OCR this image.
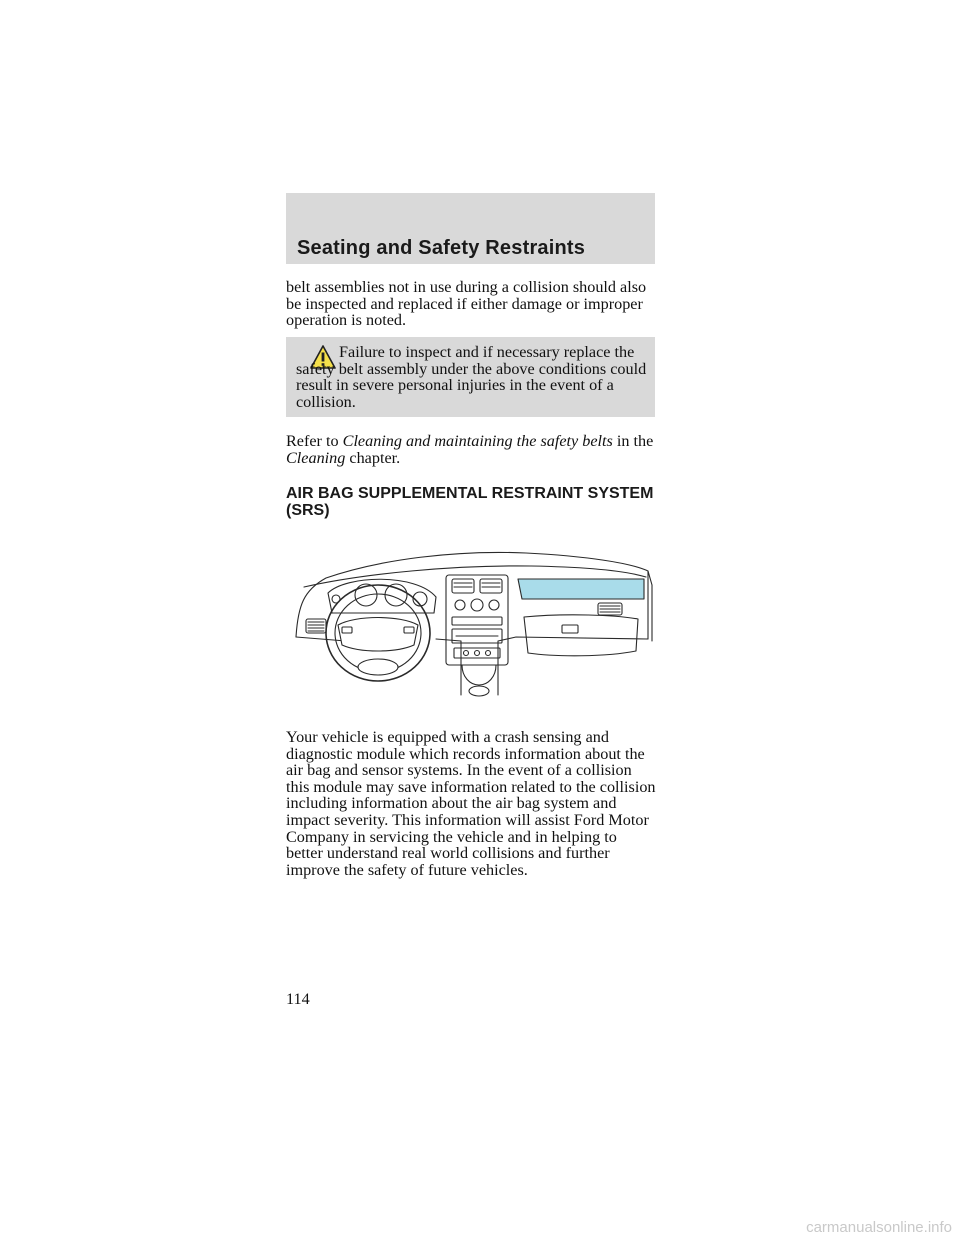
Seating and Safety Restraints
belt assemblies not in use during a collision should also be inspected and replaced if either damage or improper operation is noted.
Failure to inspect and if necessary replace the safety belt assembly under the above conditions could result in severe personal injuries in the event of a collision.
Refer to Cleaning and maintaining the safety belts in the Cleaning chapter.
AIR BAG SUPPLEMENTAL RESTRAINT SYSTEM (SRS)
Your vehicle is equipped with a crash sensing and diagnostic module which records information about the air bag and sensor systems. In the event of a collision this module may save information related to the collision including information about the air bag system and impact severity. This information will assist Ford Motor Company in servicing the vehicle and in helping to better understand real world collisions and further improve the safety of future vehicles.
114
carmanualsonline.info
